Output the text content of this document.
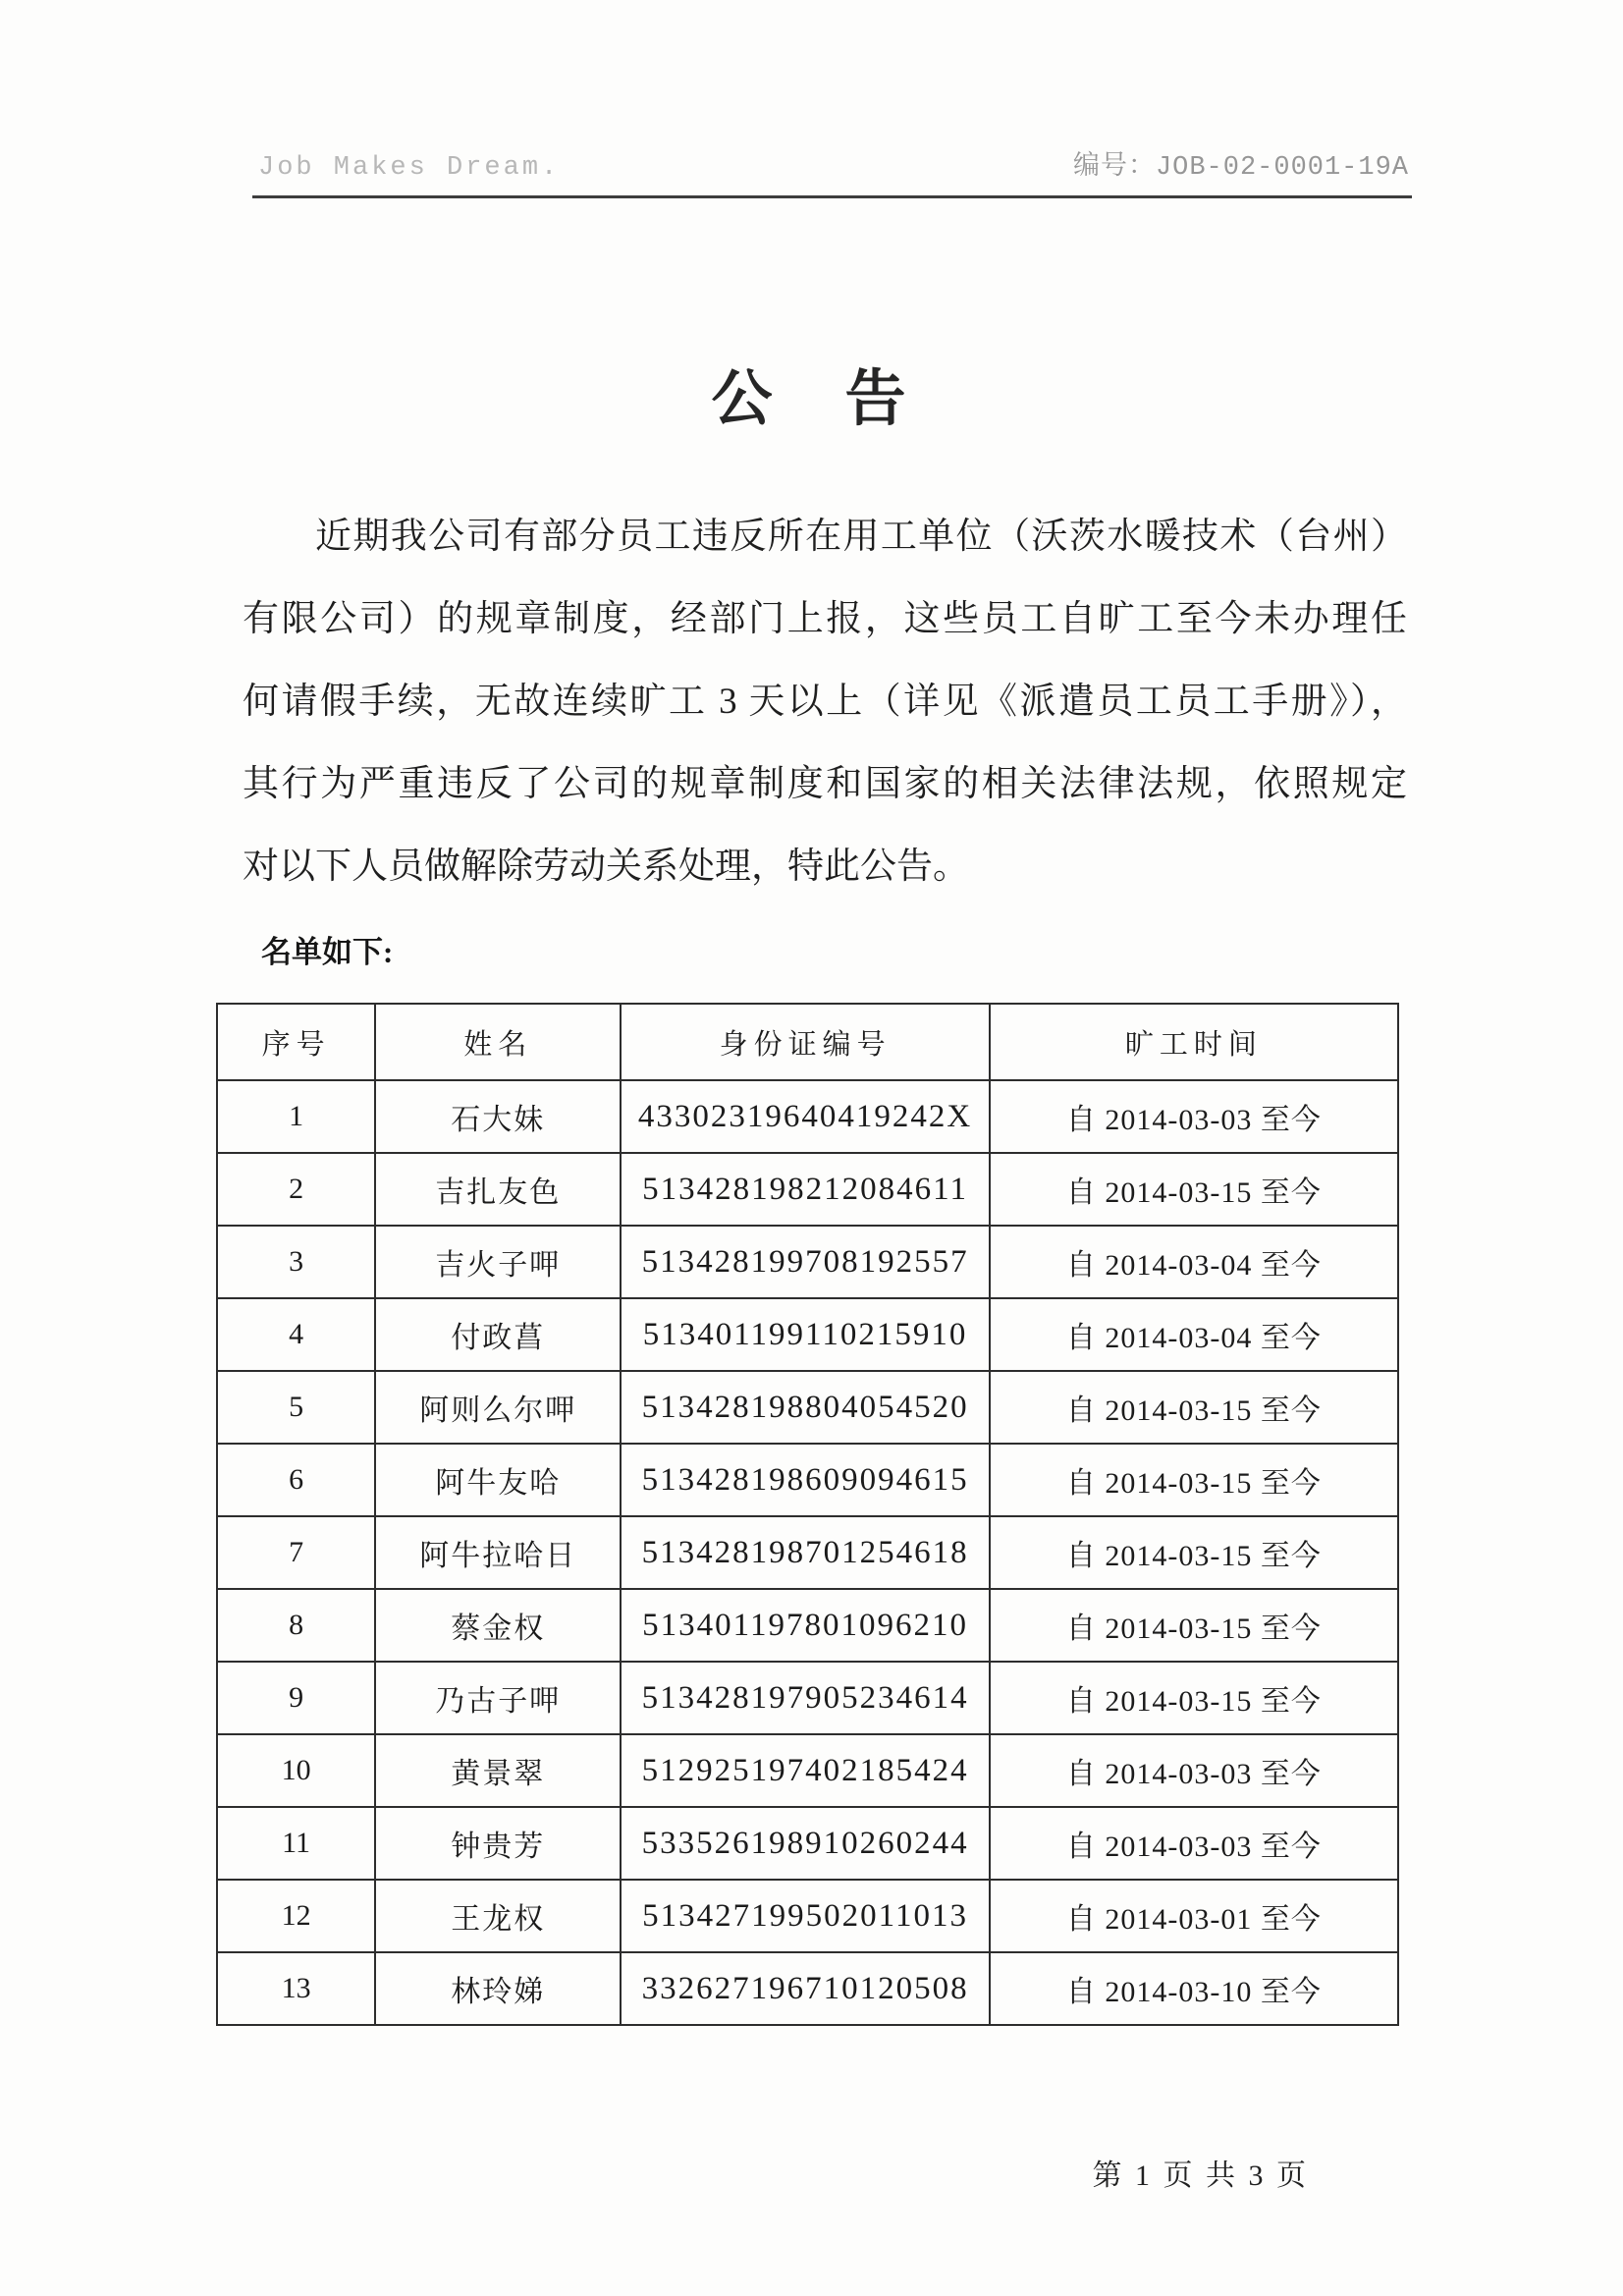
Job Makes Dream.	编号：JOB-02-0001-19A
公　告
近期我公司有部分员工违反所在用工单位（沃茨水暖技术（台州）
有限公司）的规章制度，经部门上报，这些员工自旷工至今未办理任
何请假手续，无故连续旷工 3 天以上（详见《派遣员工员工手册》），
其行为严重违反了公司的规章制度和国家的相关法律法规，依照规定
对以下人员做解除劳动关系处理，特此公告。
名单如下:
序号	姓名	身份证编号	旷工时间
1	石大妹	43302319640419242X	自 2014-03-03 至今
2	吉扎友色	513428198212084611	自 2014-03-15 至今
3	吉火子呷	513428199708192557	自 2014-03-04 至今
4	付政菖	513401199110215910	自 2014-03-04 至今
5	阿则么尔呷	513428198804054520	自 2014-03-15 至今
6	阿牛友哈	513428198609094615	自 2014-03-15 至今
7	阿牛拉哈日	513428198701254618	自 2014-03-15 至今
8	蔡金权	513401197801096210	自 2014-03-15 至今
9	乃古子呷	513428197905234614	自 2014-03-15 至今
10	黄景翠	512925197402185424	自 2014-03-03 至今
11	钟贵芳	533526198910260244	自 2014-03-03 至今
12	王龙权	513427199502011013	自 2014-03-01 至今
13	林玲娣	332627196710120508	自 2014-03-10 至今
第 1 页 共 3 页
